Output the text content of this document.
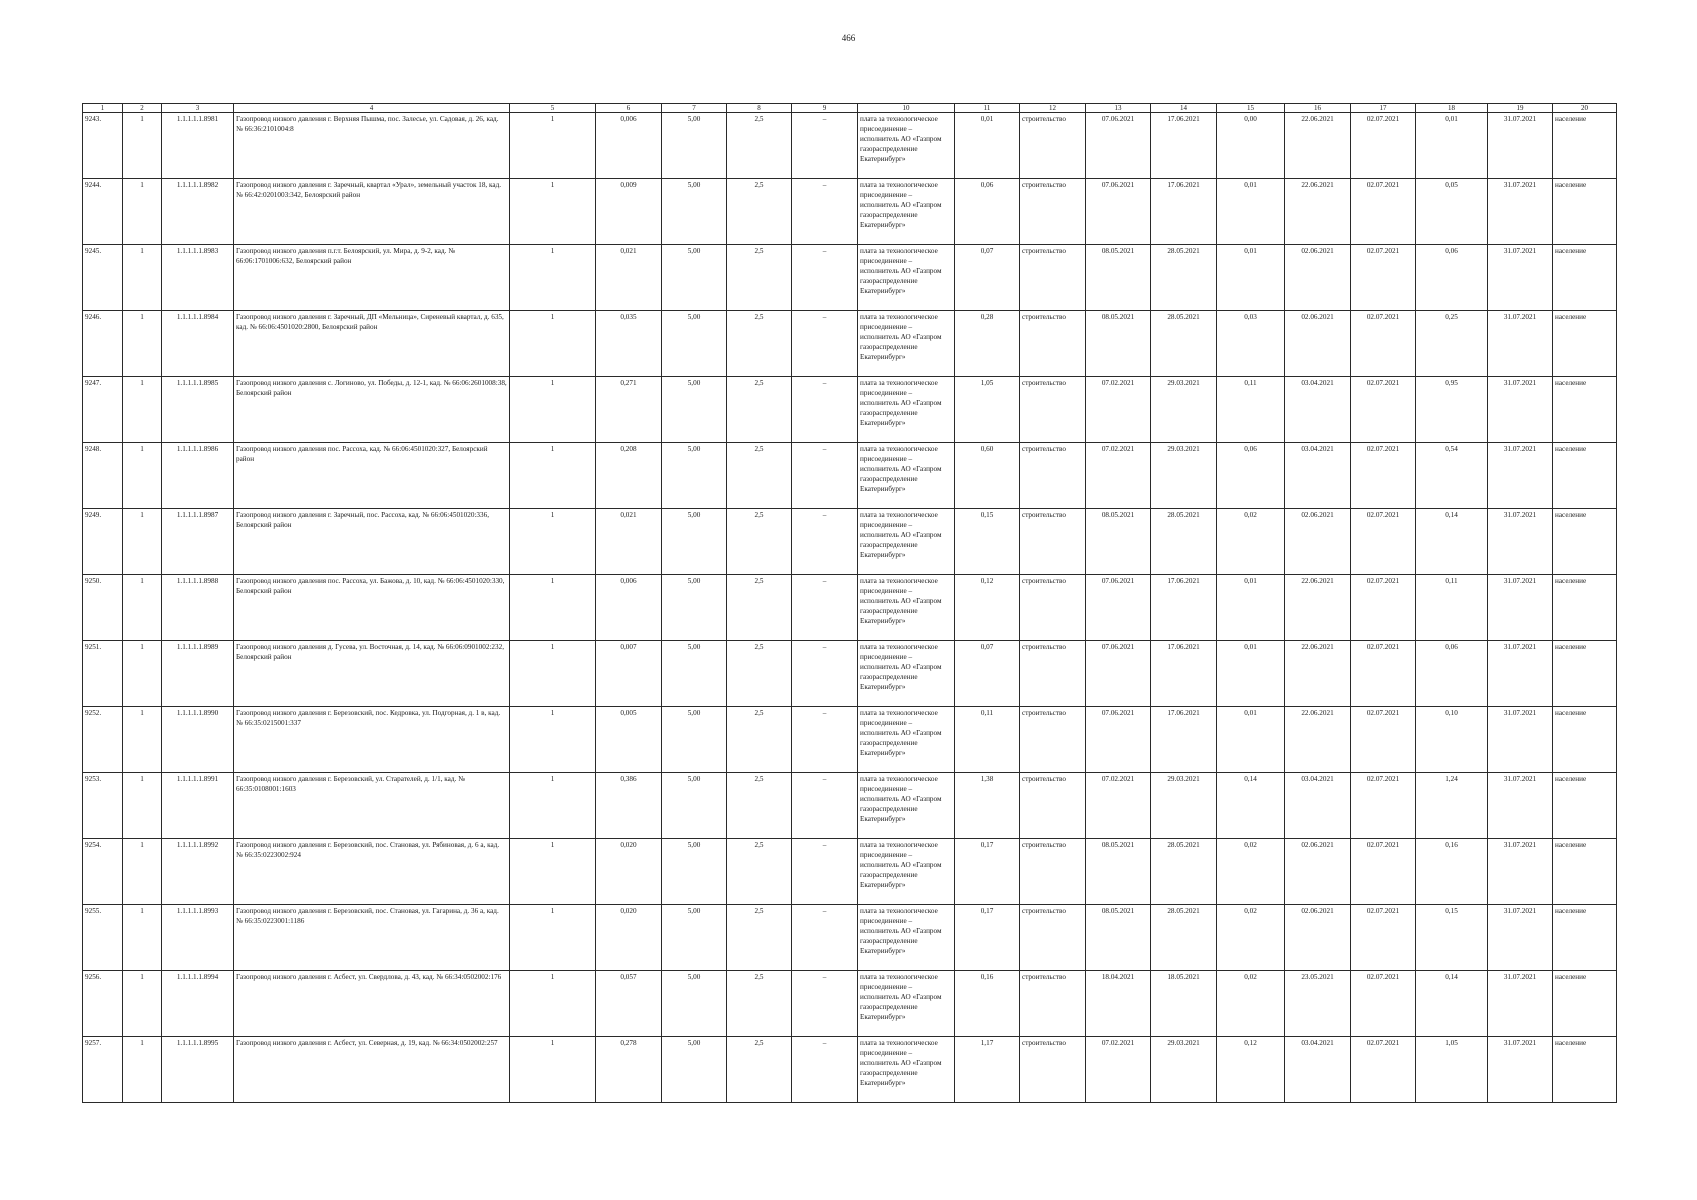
466
1	2	3	4	5	6	7	8	9	10	11	12	13	14	15	16	17	18	19	20
9243.	1	1.1.1.1.1.8981	Газопровод низкого давления г. Верхняя Пышма, пос. Залесье, ул. Садовая, д. 26, кад. № 66:36:2101004:8	1	0,006	5,00	2,5	–	плата за технологическое присоединение – исполнитель АО «Газпром газораспределение Екатеринбург»	0,01	строительство	07.06.2021	17.06.2021	0,00	22.06.2021	02.07.2021	0,01	31.07.2021	население
9244.	1	1.1.1.1.1.8982	Газопровод низкого давления г. Заречный, квартал «Урал», земельный участок 18, кад. № 66:42:0201003:342, Белоярский район	1	0,009	5,00	2,5	–	плата за технологическое присоединение – исполнитель АО «Газпром газораспределение Екатеринбург»	0,06	строительство	07.06.2021	17.06.2021	0,01	22.06.2021	02.07.2021	0,05	31.07.2021	население
9245.	1	1.1.1.1.1.8983	Газопровод низкого давления п.г.т. Белоярский, ул. Мира, д. 9-2, кад. № 66:06:1701006:632, Белоярский район	1	0,021	5,00	2,5	–	плата за технологическое присоединение – исполнитель АО «Газпром газораспределение Екатеринбург»	0,07	строительство	08.05.2021	28.05.2021	0,01	02.06.2021	02.07.2021	0,06	31.07.2021	население
9246.	1	1.1.1.1.1.8984	Газопровод низкого давления г. Заречный, ДП «Мельница», Сиреневый квартал, д. 635, кад. № 66:06:4501020:2800, Белоярский район	1	0,035	5,00	2,5	–	плата за технологическое присоединение – исполнитель АО «Газпром газораспределение Екатеринбург»	0,28	строительство	08.05.2021	28.05.2021	0,03	02.06.2021	02.07.2021	0,25	31.07.2021	население
9247.	1	1.1.1.1.1.8985	Газопровод низкого давления с. Логиново, ул. Победы, д. 12-1, кад. № 66:06:2601008:38, Белоярский район	1	0,271	5,00	2,5	–	плата за технологическое присоединение – исполнитель АО «Газпром газораспределение Екатеринбург»	1,05	строительство	07.02.2021	29.03.2021	0,11	03.04.2021	02.07.2021	0,95	31.07.2021	население
9248.	1	1.1.1.1.1.8986	Газопровод низкого давления пос. Рассоха, кад. № 66:06:4501020:327, Белоярский район	1	0,208	5,00	2,5	–	плата за технологическое присоединение – исполнитель АО «Газпром газораспределение Екатеринбург»	0,60	строительство	07.02.2021	29.03.2021	0,06	03.04.2021	02.07.2021	0,54	31.07.2021	население
9249.	1	1.1.1.1.1.8987	Газопровод низкого давления г. Заречный, пос. Рассоха, кад. № 66:06:4501020:336, Белоярский район	1	0,021	5,00	2,5	–	плата за технологическое присоединение – исполнитель АО «Газпром газораспределение Екатеринбург»	0,15	строительство	08.05.2021	28.05.2021	0,02	02.06.2021	02.07.2021	0,14	31.07.2021	население
9250.	1	1.1.1.1.1.8988	Газопровод низкого давления пос. Рассоха, ул. Бажова, д. 10, кад. № 66:06:4501020:330, Белоярский район	1	0,006	5,00	2,5	–	плата за технологическое присоединение – исполнитель АО «Газпром газораспределение Екатеринбург»	0,12	строительство	07.06.2021	17.06.2021	0,01	22.06.2021	02.07.2021	0,11	31.07.2021	население
9251.	1	1.1.1.1.1.8989	Газопровод низкого давления д. Гусева, ул. Восточная, д. 14, кад. № 66:06:0901002:232, Белоярский район	1	0,007	5,00	2,5	–	плата за технологическое присоединение – исполнитель АО «Газпром газораспределение Екатеринбург»	0,07	строительство	07.06.2021	17.06.2021	0,01	22.06.2021	02.07.2021	0,06	31.07.2021	население
9252.	1	1.1.1.1.1.8990	Газопровод низкого давления г. Березовский, пос. Кедровка, ул. Подгорная, д. 1 в, кад. № 66:35:0215001:337	1	0,005	5,00	2,5	–	плата за технологическое присоединение – исполнитель АО «Газпром газораспределение Екатеринбург»	0,11	строительство	07.06.2021	17.06.2021	0,01	22.06.2021	02.07.2021	0,10	31.07.2021	население
9253.	1	1.1.1.1.1.8991	Газопровод низкого давления г. Березовский, ул. Старателей, д. 1/1, кад. № 66:35:0108001:1603	1	0,386	5,00	2,5	–	плата за технологическое присоединение – исполнитель АО «Газпром газораспределение Екатеринбург»	1,38	строительство	07.02.2021	29.03.2021	0,14	03.04.2021	02.07.2021	1,24	31.07.2021	население
9254.	1	1.1.1.1.1.8992	Газопровод низкого давления г. Березовский, пос. Становая, ул. Рябиновая, д. 6 а, кад. № 66:35:0223002:924	1	0,020	5,00	2,5	–	плата за технологическое присоединение – исполнитель АО «Газпром газораспределение Екатеринбург»	0,17	строительство	08.05.2021	28.05.2021	0,02	02.06.2021	02.07.2021	0,16	31.07.2021	население
9255.	1	1.1.1.1.1.8993	Газопровод низкого давления г. Березовский, пос. Становая, ул. Гагарина, д. 36 а, кад. № 66:35:0223001:1186	1	0,020	5,00	2,5	–	плата за технологическое присоединение – исполнитель АО «Газпром газораспределение Екатеринбург»	0,17	строительство	08.05.2021	28.05.2021	0,02	02.06.2021	02.07.2021	0,15	31.07.2021	население
9256.	1	1.1.1.1.1.8994	Газопровод низкого давления г. Асбест, ул. Свердлова, д. 43, кад. № 66:34:0502002:176	1	0,057	5,00	2,5	–	плата за технологическое присоединение – исполнитель АО «Газпром газораспределение Екатеринбург»	0,16	строительство	18.04.2021	18.05.2021	0,02	23.05.2021	02.07.2021	0,14	31.07.2021	население
9257.	1	1.1.1.1.1.8995	Газопровод низкого давления г. Асбест, ул. Северная, д. 19, кад. № 66:34:0502002:257	1	0,278	5,00	2,5	–	плата за технологическое присоединение – исполнитель АО «Газпром газораспределение Екатеринбург»	1,17	строительство	07.02.2021	29.03.2021	0,12	03.04.2021	02.07.2021	1,05	31.07.2021	население
